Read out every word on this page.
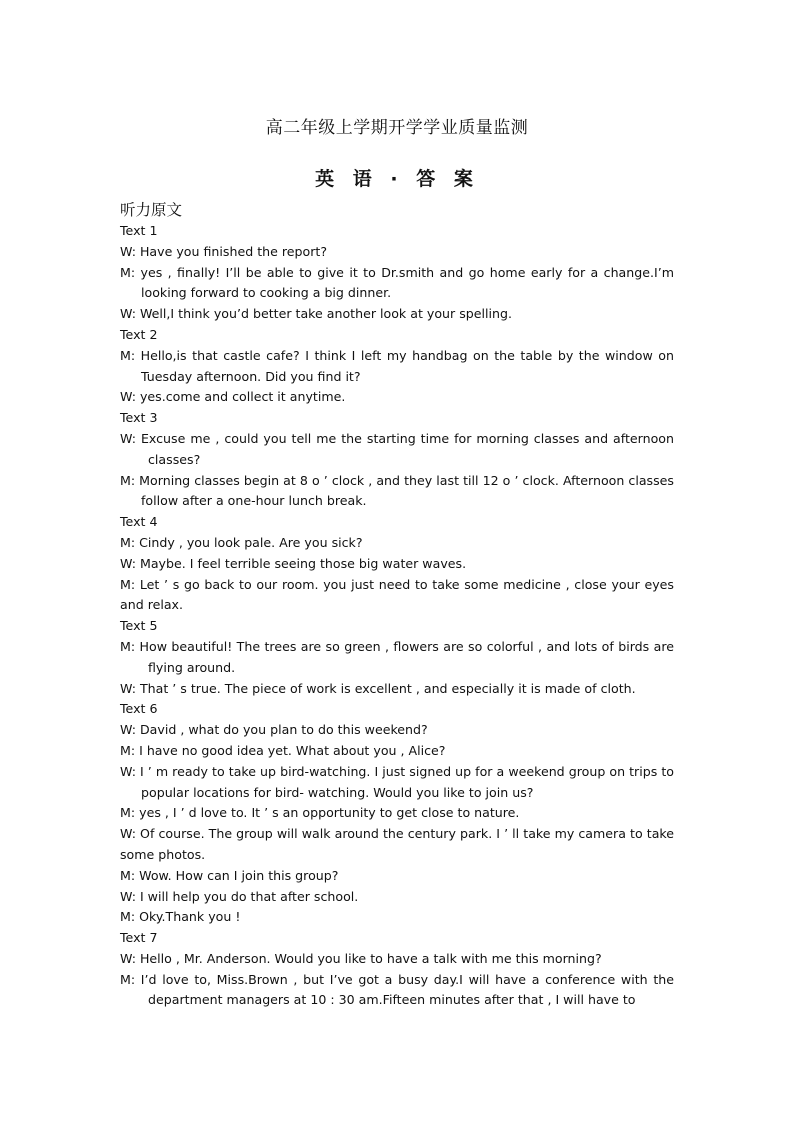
高二年级上学期开学学业质量监测
英 语 · 答 案
听力原文

Text 1

W: Have you finished the report?

M: yes , finally! I’ll be able to give it to Dr.smith and go home early for a change.I’m looking forward to cooking a big dinner.

W: Well,I think you’d better take another look at your spelling.

Text 2

M: Hello,is that castle cafe? I think I left my handbag on the table by the window on Tuesday afternoon. Did you find it?

W: yes.come and collect it anytime.

Text 3

W: Excuse me , could you tell me the starting time for morning classes and afternoon classes?

M: Morning classes begin at 8 o ’ clock , and they last till 12 o ’ clock. Afternoon classes follow after a one-hour lunch break.

Text 4

M: Cindy , you look pale. Are you sick?

W: Maybe. I feel terrible seeing those big water waves.

M: Let ’ s go back to our room. you just need to take some medicine , close your eyes and relax.

Text 5

M: How beautiful! The trees are so green , flowers are so colorful , and lots of birds are flying around.

W: That ’ s true. The piece of work is excellent , and especially it is made of cloth.

Text 6

W: David , what do you plan to do this weekend?

M: I have no good idea yet. What about you , Alice?

W: I ’ m ready to take up bird-watching. I just signed up for a weekend group on trips to popular locations for bird- watching. Would you like to join us?

M: yes , I ’ d love to. It ’ s an opportunity to get close to nature.

W: Of course. The group will walk around the century park. I ’ ll take my camera to take some photos.

M: Wow. How can I join this group?

W: I will help you do that after school.

M: Oky.Thank you !

Text 7

W: Hello , Mr. Anderson. Would you like to have a talk with me this morning?

M: I’d love to, Miss.Brown , but I’ve got a busy day.I will have a conference with the department managers at 10 : 30 am.Fifteen minutes after that , I will have to
